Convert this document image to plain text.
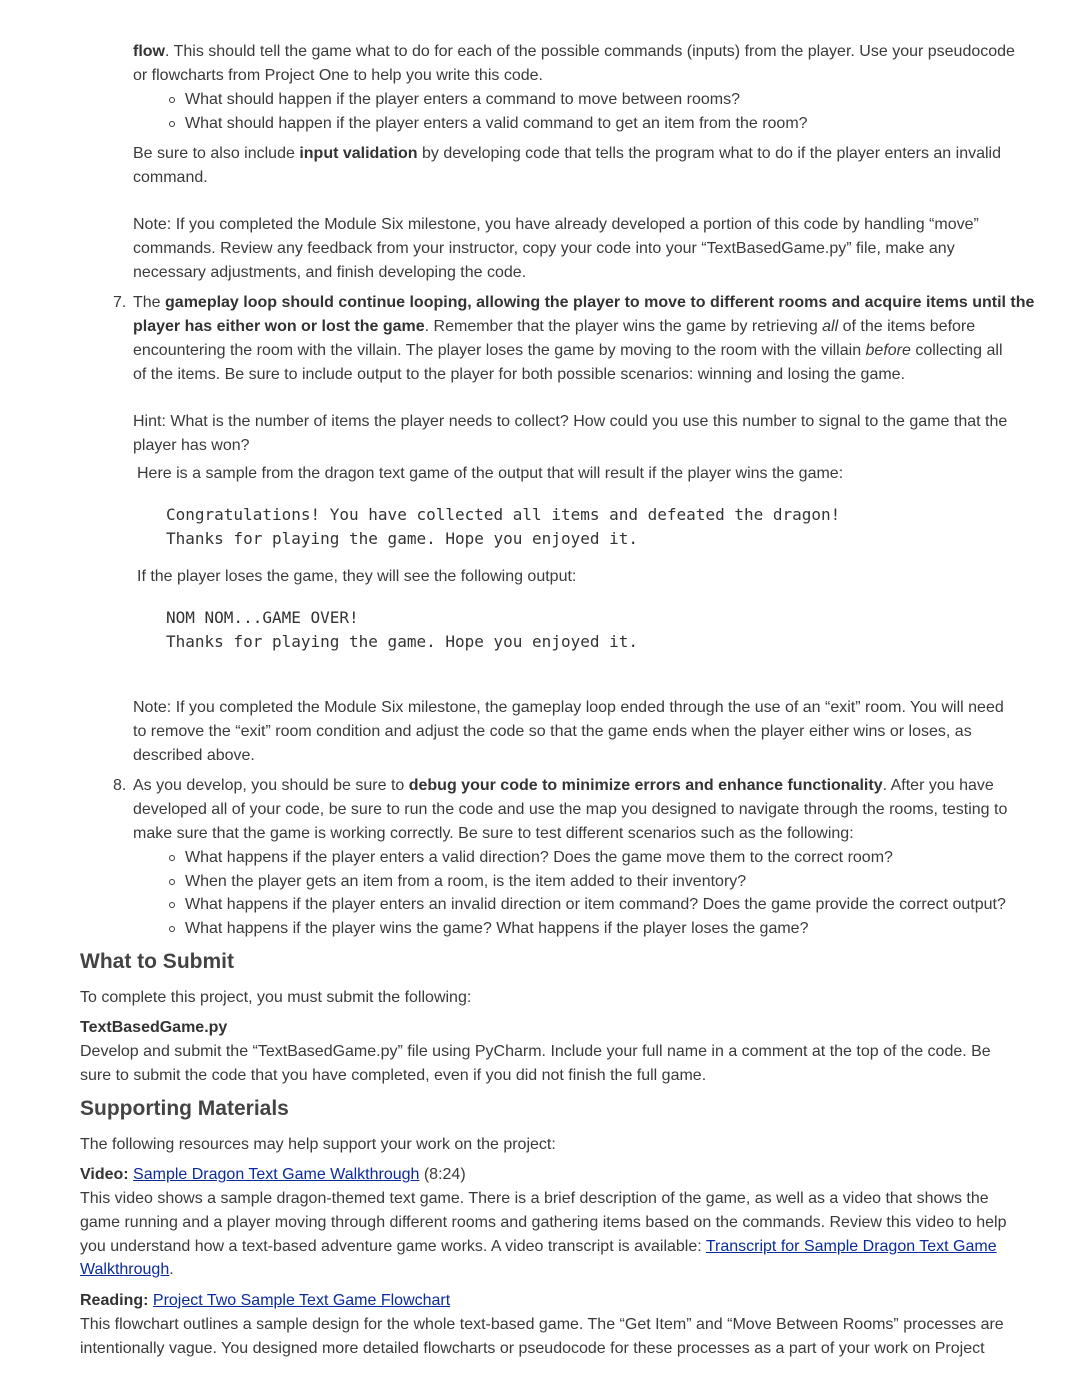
flow. This should tell the game what to do for each of the possible commands (inputs) from the player. Use your pseudocode
or flowcharts from Project One to help you write this code.
What should happen if the player enters a command to move between rooms?
What should happen if the player enters a valid command to get an item from the room?
Be sure to also include input validation by developing code that tells the program what to do if the player enters an invalid
command.
Note: If you completed the Module Six milestone, you have already developed a portion of this code by handling “move”
commands. Review any feedback from your instructor, copy your code into your “TextBasedGame.py” file, make any
necessary adjustments, and finish developing the code.
7. The gameplay loop should continue looping, allowing the player to move to different rooms and acquire items until the
player has either won or lost the game. Remember that the player wins the game by retrieving all of the items before
encountering the room with the villain. The player loses the game by moving to the room with the villain before collecting all
of the items. Be sure to include output to the player for both possible scenarios: winning and losing the game.
Hint: What is the number of items the player needs to collect? How could you use this number to signal to the game that the
player has won?
Here is a sample from the dragon text game of the output that will result if the player wins the game:
Congratulations! You have collected all items and defeated the dragon!
Thanks for playing the game. Hope you enjoyed it.
If the player loses the game, they will see the following output:
NOM NOM...GAME OVER!
Thanks for playing the game. Hope you enjoyed it.
Note: If you completed the Module Six milestone, the gameplay loop ended through the use of an “exit” room. You will need
to remove the “exit” room condition and adjust the code so that the game ends when the player either wins or loses, as
described above.
8. As you develop, you should be sure to debug your code to minimize errors and enhance functionality. After you have
developed all of your code, be sure to run the code and use the map you designed to navigate through the rooms, testing to
make sure that the game is working correctly. Be sure to test different scenarios such as the following:
What happens if the player enters a valid direction? Does the game move them to the correct room?
When the player gets an item from a room, is the item added to their inventory?
What happens if the player enters an invalid direction or item command? Does the game provide the correct output?
What happens if the player wins the game? What happens if the player loses the game?
What to Submit
To complete this project, you must submit the following:
TextBasedGame.py
Develop and submit the “TextBasedGame.py” file using PyCharm. Include your full name in a comment at the top of the code. Be
sure to submit the code that you have completed, even if you did not finish the full game.
Supporting Materials
The following resources may help support your work on the project:
Video: Sample Dragon Text Game Walkthrough (8:24)
This video shows a sample dragon-themed text game. There is a brief description of the game, as well as a video that shows the
game running and a player moving through different rooms and gathering items based on the commands. Review this video to help
you understand how a text-based adventure game works. A video transcript is available: Transcript for Sample Dragon Text Game
Walkthrough.
Reading: Project Two Sample Text Game Flowchart
This flowchart outlines a sample design for the whole text-based game. The “Get Item” and “Move Between Rooms” processes are
intentionally vague. You designed more detailed flowcharts or pseudocode for these processes as a part of your work on Project
